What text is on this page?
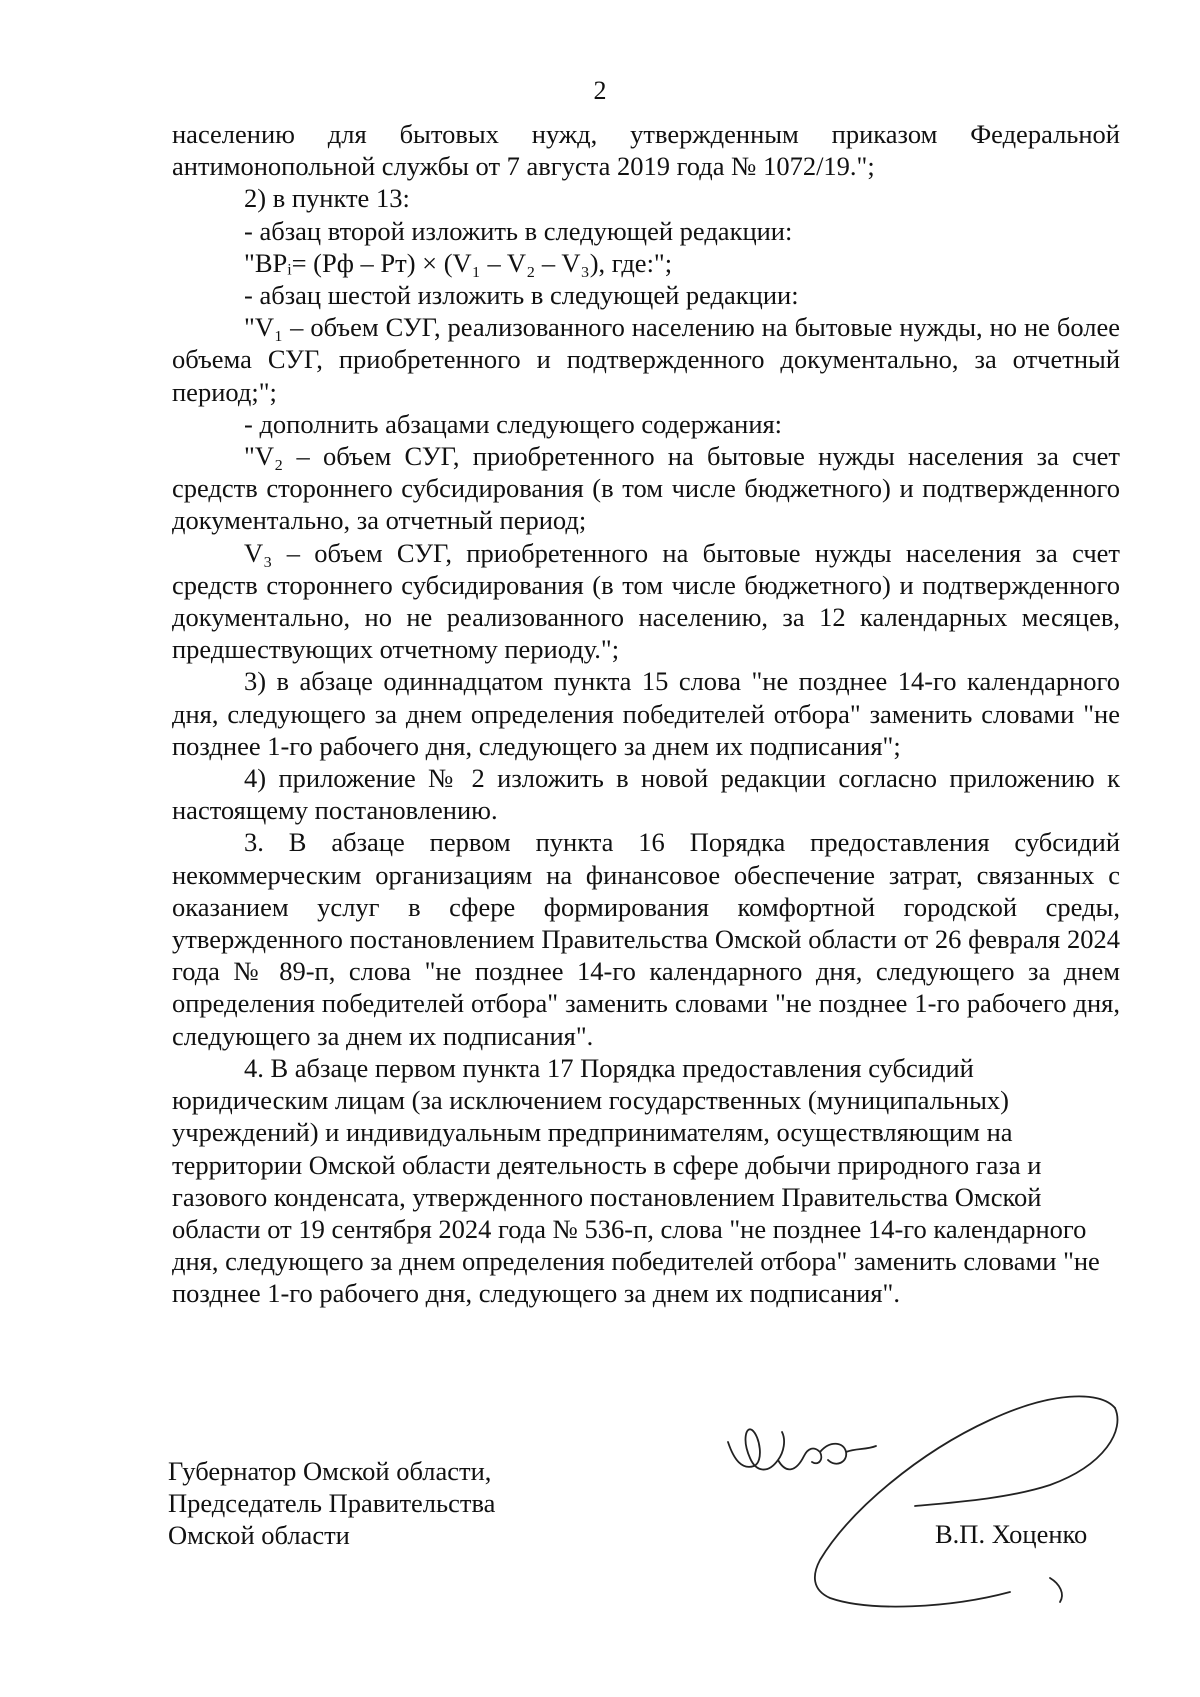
2

населению для бытовых нужд, утвержденным приказом Федеральной антимонопольной службы от 7 августа 2019 года № 1072/19.";

2) в пункте 13:

- абзац второй изложить в следующей редакции:

"ВРᵢ= (Рф – Рт) × (V₁ – V₂ – V₃), где:";

- абзац шестой изложить в следующей редакции:

"V₁ – объем СУГ, реализованного населению на бытовые нужды, но не более объема СУГ, приобретенного и подтвержденного документально, за отчетный период;";

- дополнить абзацами следующего содержания:

"V₂ – объем СУГ, приобретенного на бытовые нужды населения за счет средств стороннего субсидирования (в том числе бюджетного) и подтвержденного документально, за отчетный период;

V₃ – объем СУГ, приобретенного на бытовые нужды населения за счет средств стороннего субсидирования (в том числе бюджетного) и подтвержденного документально, но не реализованного населению, за 12 календарных месяцев, предшествующих отчетному периоду.";

3) в абзаце одиннадцатом пункта 15 слова "не позднее 14-го календарного дня, следующего за днем определения победителей отбора" заменить словами "не позднее 1-го рабочего дня, следующего за днем их подписания";

4) приложение № 2 изложить в новой редакции согласно приложению к настоящему постановлению.

3. В абзаце первом пункта 16 Порядка предоставления субсидий некоммерческим организациям на финансовое обеспечение затрат, связанных с оказанием услуг в сфере формирования комфортной городской среды, утвержденного постановлением Правительства Омской области от 26 февраля 2024 года № 89-п, слова "не позднее 14-го календарного дня, следующего за днем определения победителей отбора" заменить словами "не позднее 1-го рабочего дня, следующего за днем их подписания".

4. В абзаце первом пункта 17 Порядка предоставления субсидий юридическим лицам (за исключением государственных (муниципальных) учреждений) и индивидуальным предпринимателям, осуществляющим на территории Омской области деятельность в сфере добычи природного газа и газового конденсата, утвержденного постановлением Правительства Омской области от 19 сентября 2024 года № 536-п, слова "не позднее 14-го календарного дня, следующего за днем определения победителей отбора" заменить словами "не позднее 1-го рабочего дня, следующего за днем их подписания".

Губернатор Омской области,
Председатель Правительства
Омской области	В.П. Хоценко
